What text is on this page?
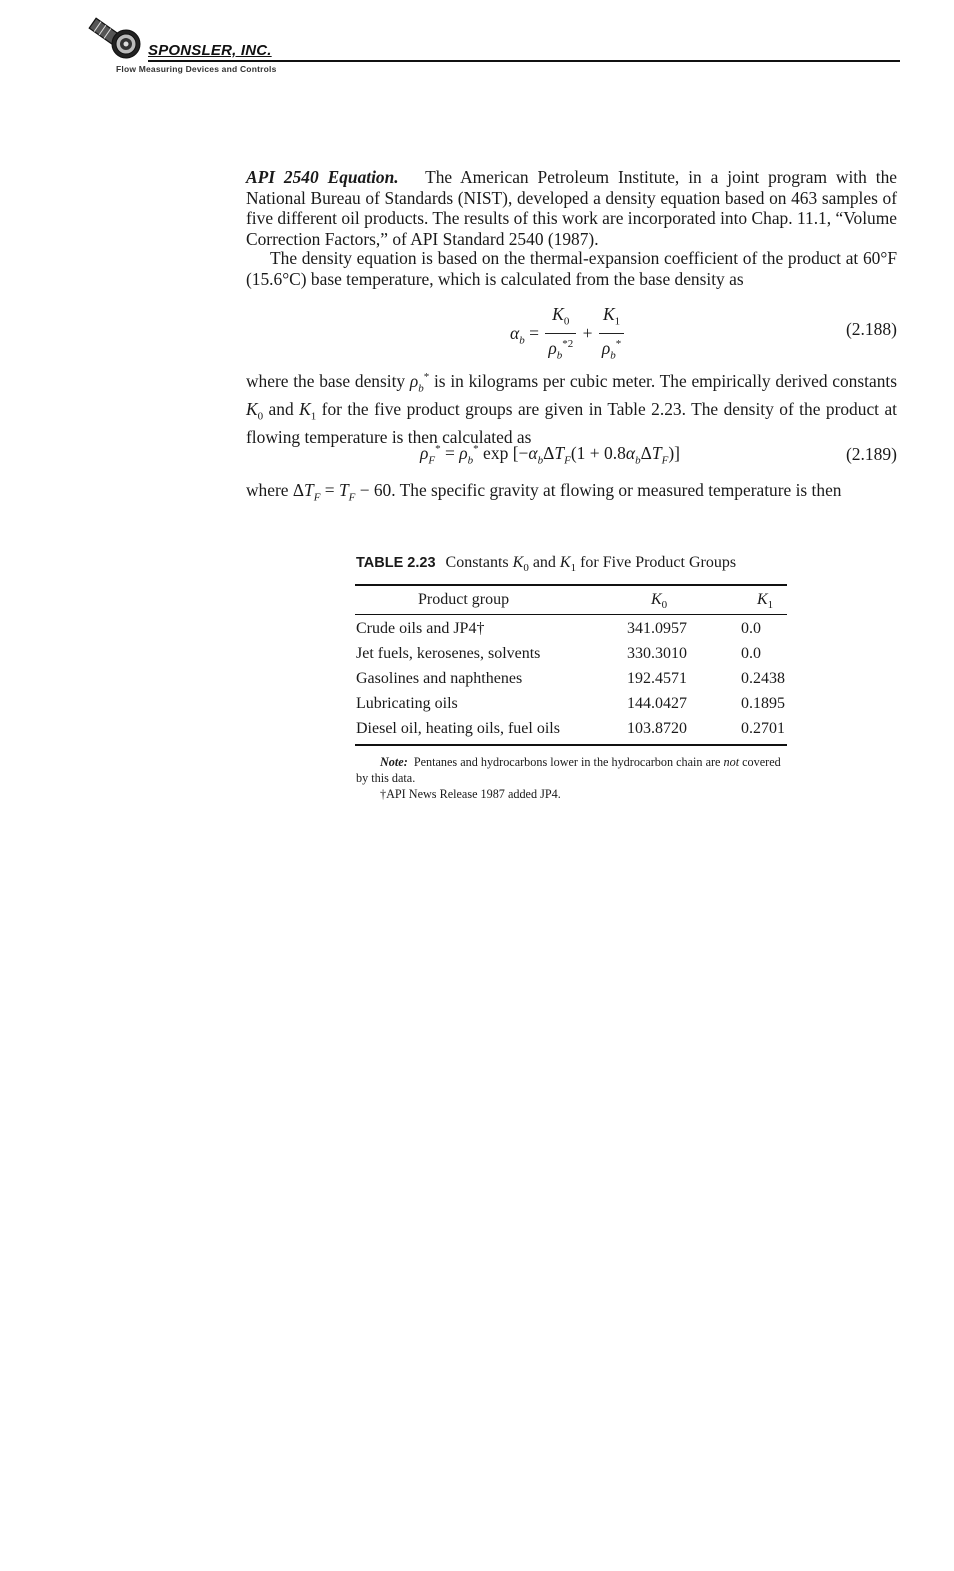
SPONSLER, INC.
Flow Measuring Devices and Controls
API 2540 Equation. The American Petroleum Institute, in a joint program with the National Bureau of Standards (NIST), developed a density equation based on 463 samples of five different oil products. The results of this work are incorporated into Chap. 11.1, “Volume Correction Factors,” of API Standard 2540 (1987).
The density equation is based on the thermal-expansion coefficient of the product at 60°F (15.6°C) base temperature, which is calculated from the base density as
$\alpha_b = \frac{K_0}{\rho_b^{*2}} + \frac{K_1}{\rho_b^*}$	(2.188)
where the base density $\rho_b^*$ is in kilograms per cubic meter. The empirically derived constants $K_0$ and $K_1$ for the five product groups are given in Table 2.23. The density of the product at flowing temperature is then calculated as
$\rho_F^* = \rho_b^*$ $\exp [-\alpha_b\Delta T_F(1 + 0.8\alpha_b\Delta T_F)]$	(2.189)
where $\Delta T_F = T_F - 60$. The specific gravity at flowing or measured temperature is then
TABLE 2.23 Constants $K_0$ and $K_1$ for Five Product Groups
Product group	$K_0$	$K_1$
Crude oils and JP4†	341.0957	0.0
Jet fuels, kerosenes, solvents	330.3010	0.0
Gasolines and naphthenes	192.4571	0.2438
Lubricating oils	144.0427	0.1895
Diesel oil, heating oils, fuel oils	103.8720	0.2701
Note: Pentanes and hydrocarbons lower in the hydrocarbon chain are not covered by this data.
†API News Release 1987 added JP4.
